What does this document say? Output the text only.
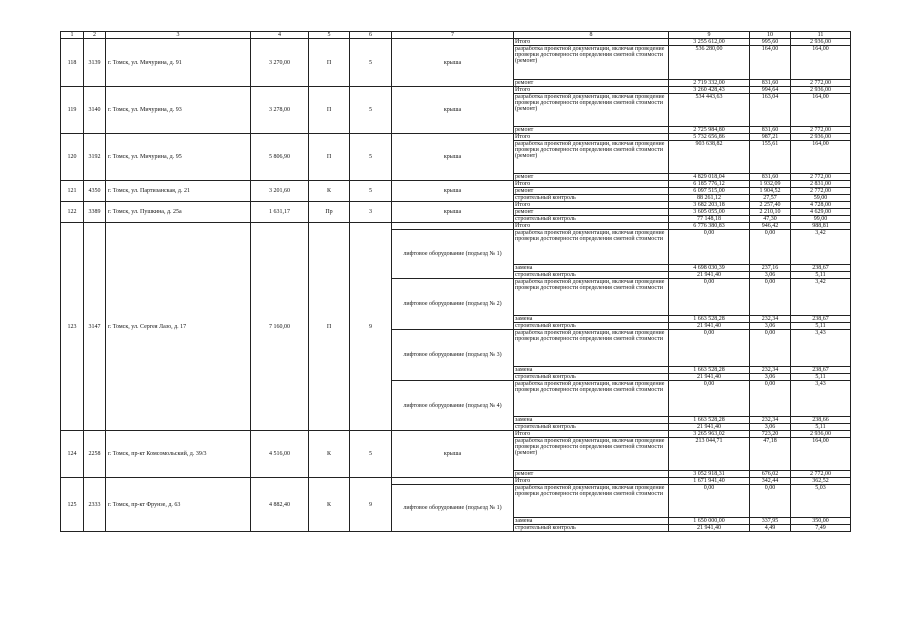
1	2	3	4	5	6	7	8	9	10	11
118	3139	г. Томск, ул. Мичурина, д. 91	3 270,00	П	5	крыша	Итого	3 255 612,00	995,60	2 936,00
							разработка проектной документации, включая проведение проверки достоверности определения сметной стоимости (ремонт)	536 280,00	164,00	164,00
							ремонт	2 719 332,00	831,60	2 772,00
119	3140	г. Томск, ул. Мичурина, д. 93	3 278,00	П	5	крыша	Итого	3 260 428,43	994,64	2 936,00
							разработка проектной документации, включая проведение проверки достоверности определения сметной стоимости (ремонт)	534 443,63	163,04	164,00
							ремонт	2 725 984,80	831,60	2 772,00
120	3192	г. Томск, ул. Мичурина, д. 95	5 806,90	П	5	крыша	Итого	5 732 656,86	987,21	2 936,00
							разработка проектной документации, включая проведение проверки достоверности определения сметной стоимости (ремонт)	903 638,82	155,61	164,00
							ремонт	4 829 018,04	831,60	2 772,00
121	4350	г. Томск, ул. Партизанская, д. 21	3 201,60	К	5	крыша	Итого	6 185 776,12	1 932,09	2 831,00
							ремонт	6 097 515,00	1 904,52	2 772,00
							строительный контроль	88 261,12	27,57	59,00
122	3389	г. Томск, ул. Пушкина, д. 25а	1 631,17	Пр	3	крыша	Итого	3 682 203,18	2 257,40	4 728,00
							ремонт	3 605 055,00	2 210,10	4 629,00
							строительный контроль	77 148,18	47,30	99,00
123	3147	г. Томск, ул. Сергея Лазо, д. 17	7 160,00	П	9		Итого	6 776 380,83	946,42	988,81
						лифтовое оборудование (подъезд № 1)	разработка проектной документации, включая проведение проверки достоверности определения сметной стоимости	0,00	0,00	3,42
							замена	4 698 030,39	237,16	238,67
							строительный контроль	21 941,40	3,06	5,11
						лифтовое оборудование (подъезд № 2)	разработка проектной документации, включая проведение проверки достоверности определения сметной стоимости	0,00	0,00	3,42
							замена	1 663 528,28	232,34	238,67
							строительный контроль	21 941,40	3,06	5,11
						лифтовое оборудование (подъезд № 3)	разработка проектной документации, включая проведение проверки достоверности определения сметной стоимости	0,00	0,00	3,43
							замена	1 663 528,28	232,34	238,67
							строительный контроль	21 941,40	3,06	5,11
						лифтовое оборудование (подъезд № 4)	разработка проектной документации, включая проведение проверки достоверности определения сметной стоимости	0,00	0,00	3,43
							замена	1 663 528,28	232,34	238,66
							строительный контроль	21 941,40	3,06	5,11
124	2258	г. Томск, пр-кт Комсомольский, д. 39/3	4 516,00	К	5	крыша	Итого	3 265 963,02	723,20	2 936,00
							разработка проектной документации, включая проведение проверки достоверности определения сметной стоимости (ремонт)	213 044,71	47,18	164,00
							ремонт	3 052 918,31	676,02	2 772,00
125	2333	г. Томск, пр-кт Фрунзе, д. 63	4 882,40	К	9		Итого	1 671 941,40	342,44	362,52
						лифтовое оборудование (подъезд № 1)	разработка проектной документации, включая проведение проверки достоверности определения сметной стоимости	0,00	0,00	5,03
							замена	1 650 000,00	337,95	350,00
							строительный контроль	21 941,40	4,49	7,49
